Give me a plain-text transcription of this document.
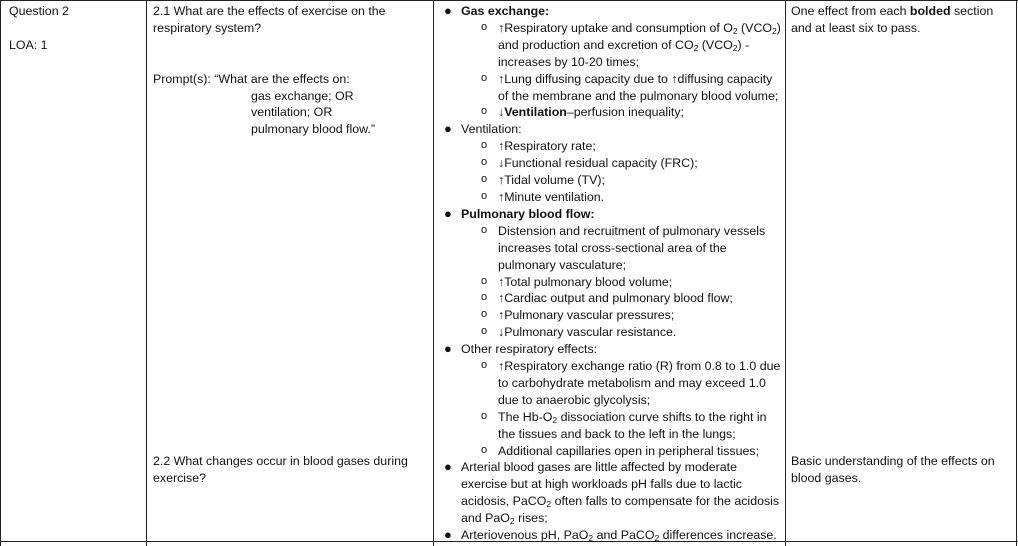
Question 2
LOA: 1
2.1 What are the effects of exercise on the respiratory system?
Prompt(s): “What are the effects on:
gas exchange; OR
ventilation; OR
pulmonary blood flow.”
2.2 What changes occur in blood gases during exercise?
● Gas exchange:
o ↑Respiratory uptake and consumption of $O_2$ $(VCO_2)$ and production and excretion of $CO_2$ $(VCO_2)$ - increases by 10-20 times;
o ↑Lung diffusing capacity due to ↑diffusing capacity of the membrane and the pulmonary blood volume;
o ↓Ventilation–perfusion inequality;
● Ventilation:
o ↑Respiratory rate;
o ↓Functional residual capacity (FRC);
o ↑Tidal volume (TV);
o ↑Minute ventilation.
● Pulmonary blood flow:
o Distension and recruitment of pulmonary vessels increases total cross-sectional area of the pulmonary vasculature;
o ↑Total pulmonary blood volume;
o ↑Cardiac output and pulmonary blood flow;
o ↑Pulmonary vascular pressures;
o ↓Pulmonary vascular resistance.
● Other respiratory effects:
o ↑Respiratory exchange ratio (R) from 0.8 to 1.0 due to carbohydrate metabolism and may exceed 1.0 due to anaerobic glycolysis;
o The $Hb-O_2$ dissociation curve shifts to the right in the tissues and back to the left in the lungs;
o Additional capillaries open in peripheral tissues;
● Arterial blood gases are little affected by moderate exercise but at high workloads pH falls due to lactic acidosis, PaCO$_2$ often falls to compensate for the acidosis and PaO$_2$ rises;
● Arteriovenous pH, PaO$_2$ and PaCO$_2$ differences increase.
One effect from each bolded section and at least six to pass.
Basic understanding of the effects on blood gases.
